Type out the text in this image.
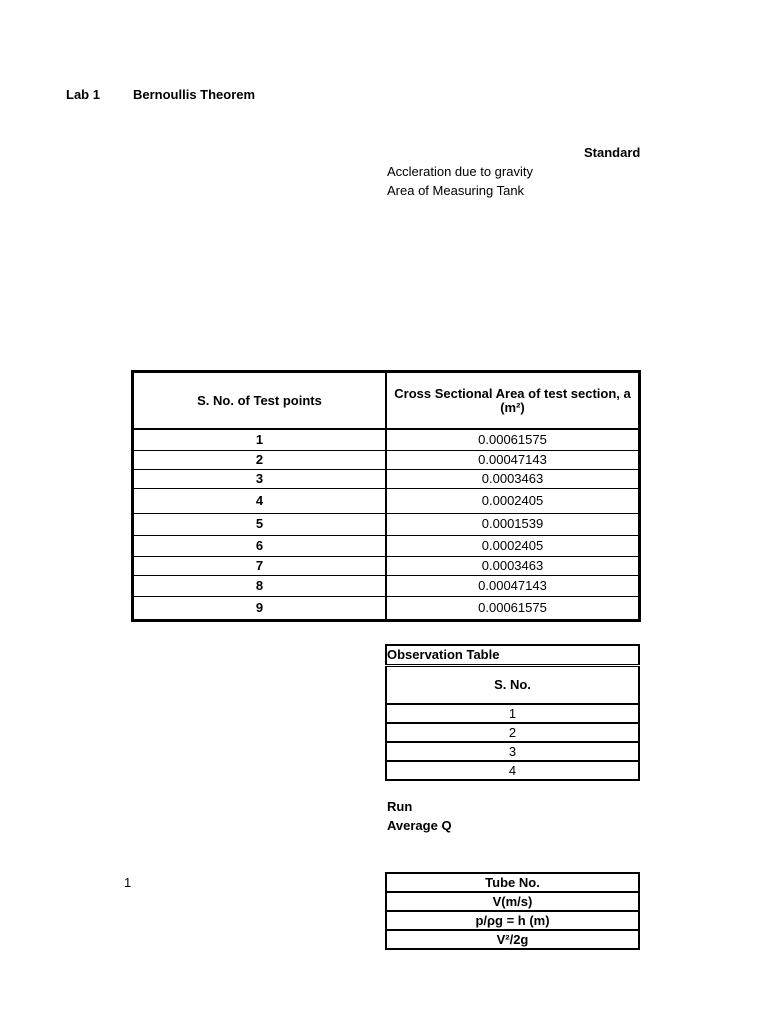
Lab 1	Bernoullis Theorem
Standard
Accleration due to gravity
Area of Measuring Tank
S. No. of Test points	Cross Sectional Area of test section, a
(m²)
1	0.00061575
2	0.00047143
3	0.0003463
4	0.0002405
5	0.0001539
6	0.0002405
7	0.0003463
8	0.00047143
9	0.00061575
Observation Table
S. No.
1
2
3
4
Run
Average Q
1	Tube No.
V(m/s)
p/ρg = h (m)
V²/2g
